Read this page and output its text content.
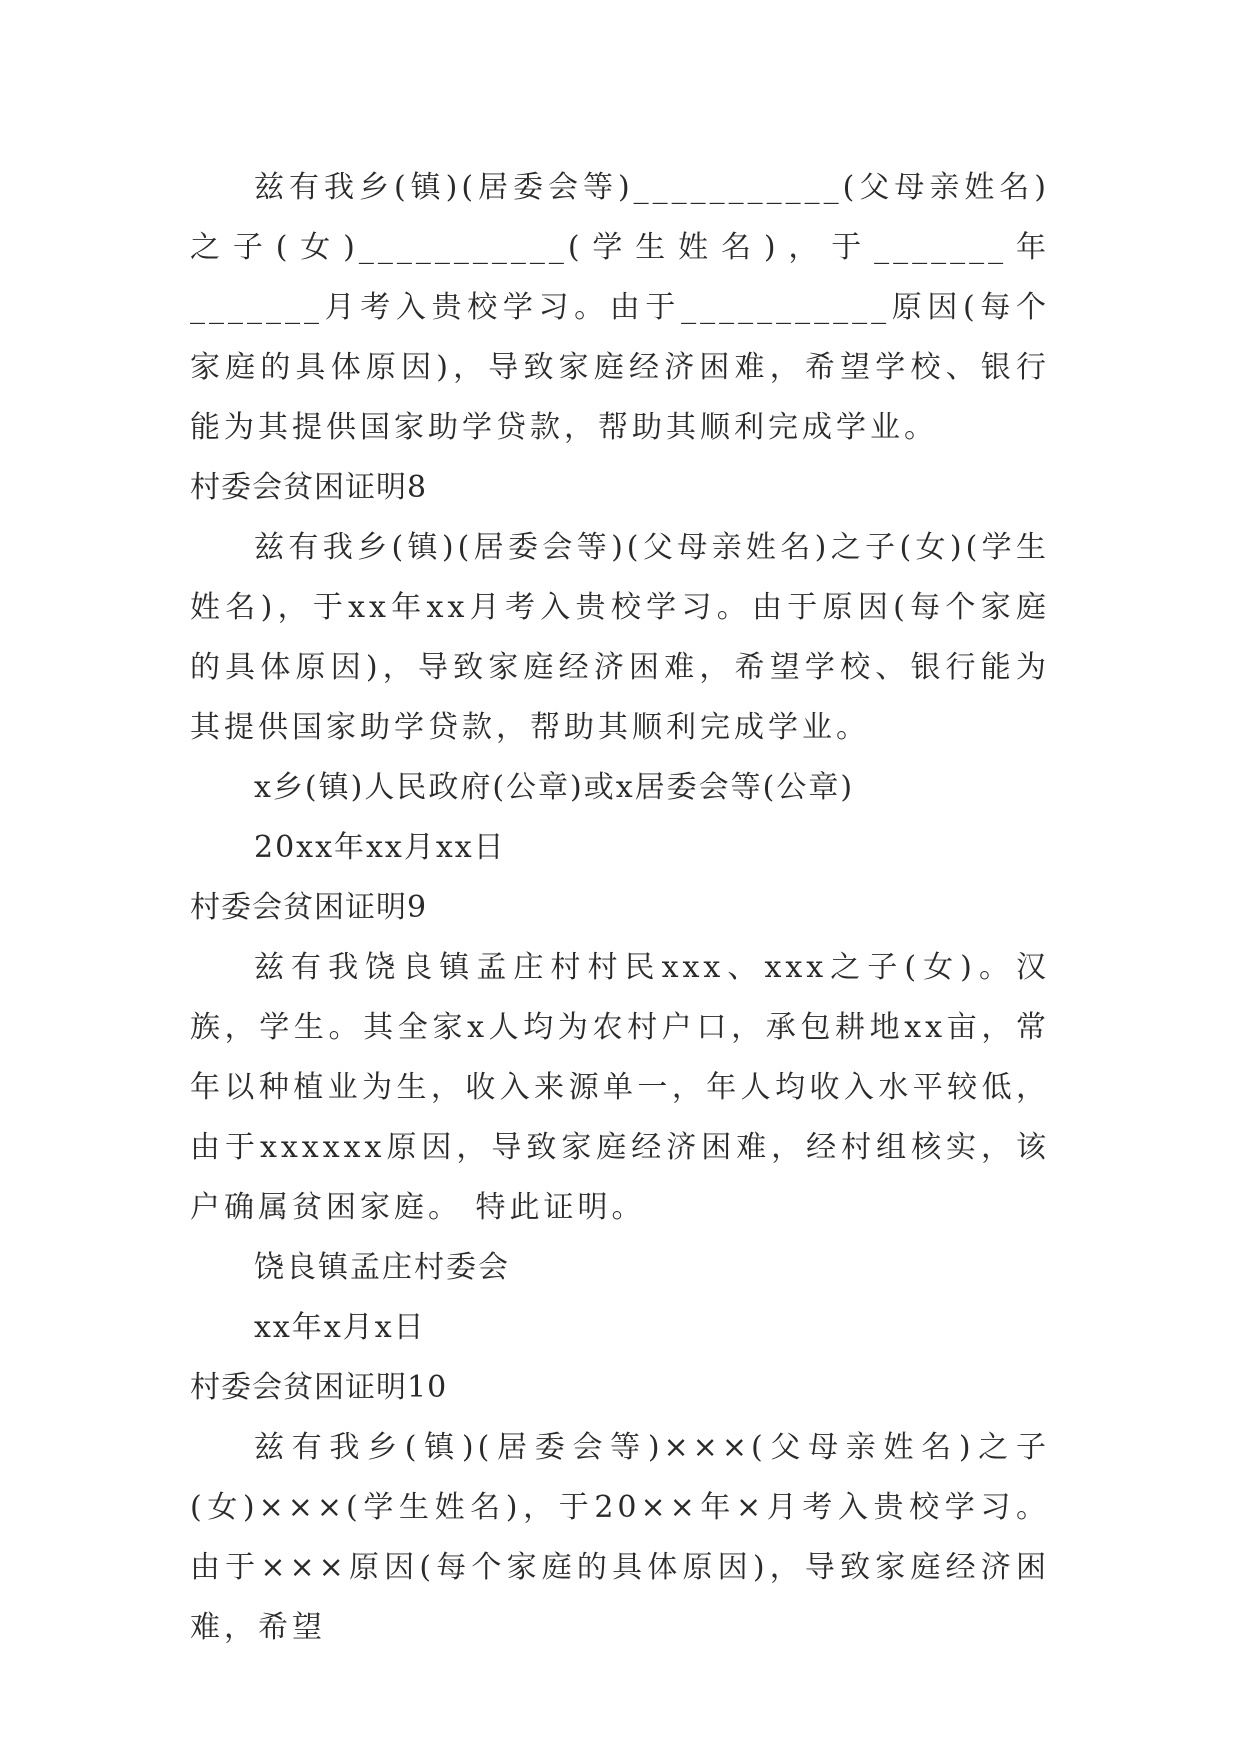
兹有我乡(镇)(居委会等)___________(父母亲姓名)之子(女)___________(学生姓名)，于_______年_______月考入贵校学习。由于___________原因(每个家庭的具体原因)，导致家庭经济困难，希望学校、银行能为其提供国家助学贷款，帮助其顺利完成学业。

村委会贫困证明8

兹有我乡(镇)(居委会等)(父母亲姓名)之子(女)(学生姓名)，于xx年xx月考入贵校学习。由于原因(每个家庭的具体原因)，导致家庭经济困难，希望学校、银行能为其提供国家助学贷款，帮助其顺利完成学业。

x乡(镇)人民政府(公章)或x居委会等(公章)

20xx年xx月xx日

村委会贫困证明9

兹有我饶良镇孟庄村村民xxx、xxx之子(女)。汉族，学生。其全家x人均为农村户口，承包耕地xx亩，常年以种植业为生，收入来源单一，年人均收入水平较低，由于xxxxxx原因，导致家庭经济困难，经村组核实，该户确属贫困家庭。 特此证明。

饶良镇孟庄村委会

xx年x月x日

村委会贫困证明10

兹有我乡(镇)(居委会等)×××(父母亲姓名)之子(女)×××(学生姓名)，于20××年×月考入贵校学习。由于×××原因(每个家庭的具体原因)，导致家庭经济困难，希望
